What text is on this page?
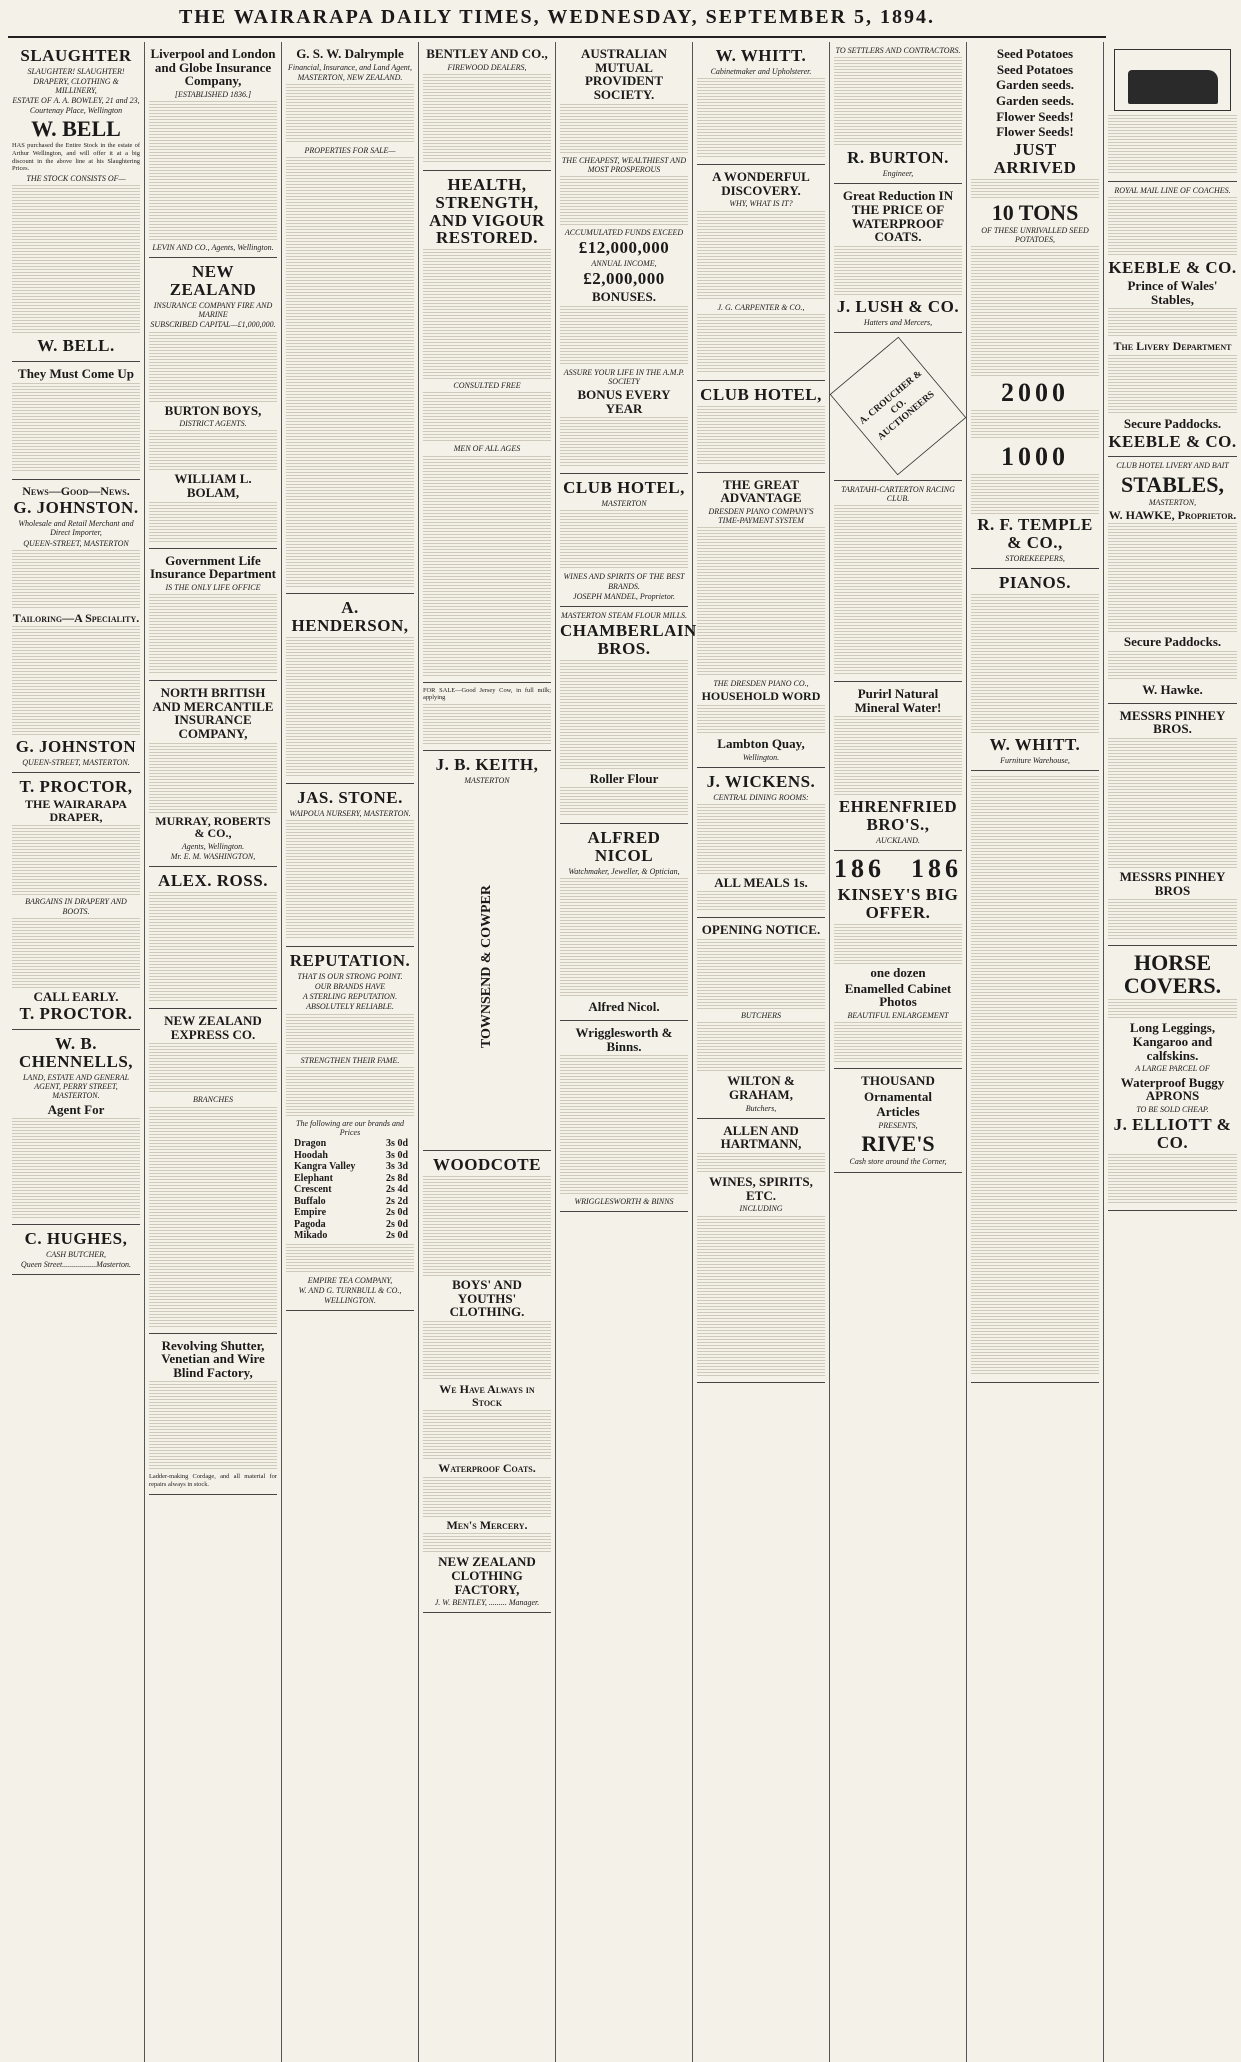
THE WAIRARAPA DAILY TIMES, WEDNESDAY, SEPTEMBER 5, 1894.
SLAUGHTER
SLAUGHTER! SLAUGHTER!
DRAPERY, CLOTHING & MILLINERY,
ESTATE OF A. A. BOWLEY, 21 and 23, Courtenay Place, Wellington
W. BELL
HAS purchased the Entire Stock in the estate of Arthur Wellington, and will offer it at a big discount in the above line at his Slaughtering Prices.
THE STOCK CONSISTS OF—
W. BELL.
They Must Come Up
News—Good—News.
G. JOHNSTON.
Wholesale and Retail Merchant and Direct Importer,
QUEEN-STREET, MASTERTON
Tailoring—A Speciality.
G. JOHNSTON
QUEEN-STREET, MASTERTON.
T. PROCTOR,
THE WAIRARAPA DRAPER,
BARGAINS IN DRAPERY AND BOOTS.
CALL EARLY.
T. PROCTOR.
W. B. CHENNELLS,
LAND, ESTATE AND GENERAL AGENT, PERRY STREET, MASTERTON.
Agent For
C. HUGHES,
CASH BUTCHER,
Queen Street.................Masterton.
Liverpool and London and Globe Insurance Company,
[ESTABLISHED 1836.]
LEVIN AND CO., Agents, Wellington.
NEW ZEALAND
INSURANCE COMPANY FIRE AND MARINE
SUBSCRIBED CAPITAL—£1,000,000.
BURTON BOYS,
DISTRICT AGENTS.
WILLIAM L. BOLAM,
Government Life Insurance Department
IS THE ONLY LIFE OFFICE
NORTH BRITISH AND MERCANTILE INSURANCE COMPANY,
MURRAY, ROBERTS & CO.,
Agents, Wellington.
Mr. E. M. WASHINGTON,
ALEX. ROSS.
NEW ZEALAND EXPRESS CO.
BRANCHES
Revolving Shutter, Venetian and Wire Blind Factory,
Ladder-making Cordage, and all material for repairs always in stock.
G. S. W. Dalrymple
Financial, Insurance, and Land Agent,
MASTERTON, NEW ZEALAND.
PROPERTIES FOR SALE—
A. HENDERSON,
JAS. STONE.
WAIPOUA NURSERY, MASTERTON.
REPUTATION.
THAT IS OUR STRONG POINT.
OUR BRANDS HAVE
A STERLING REPUTATION.
ABSOLUTELY RELIABLE.
STRENGTHEN THEIR FAME.
The following are our brands and Prices
Dragon	3s 0d
Hoodah	3s 0d
Kangra Valley	3s 3d
Elephant	2s 8d
Crescent	2s 4d
Buffalo	2s 2d
Empire	2s 0d
Pagoda	2s 0d
Mikado	2s 0d
EMPIRE TEA COMPANY,
W. AND G. TURNBULL & CO.,
WELLINGTON.
BENTLEY AND CO.,
FIREWOOD DEALERS,
HEALTH, STRENGTH, AND VIGOUR RESTORED.
CONSULTED FREE
MEN OF ALL AGES
FOR SALE—Good Jersey Cow, in full milk; applying
J. B. KEITH,
MASTERTON
TOWNSEND & COWPER
WOODCOTE
BOYS' AND YOUTHS' CLOTHING.
We Have Always in Stock
Waterproof Coats.
Men's Mercery.
NEW ZEALAND CLOTHING FACTORY,
J. W. BENTLEY, ......... Manager.
AUSTRALIAN MUTUAL PROVIDENT SOCIETY.
THE CHEAPEST, WEALTHIEST AND MOST PROSPEROUS
ACCUMULATED FUNDS EXCEED
£12,000,000
ANNUAL INCOME,
£2,000,000
BONUSES.
ASSURE YOUR LIFE IN THE A.M.P. SOCIETY
BONUS EVERY YEAR
CLUB HOTEL,
MASTERTON
WINES AND SPIRITS OF THE BEST BRANDS.
JOSEPH MANDEL, Proprietor.
MASTERTON STEAM FLOUR MILLS.
CHAMBERLAIN BROS.
Roller Flour
ALFRED NICOL
Watchmaker, Jeweller, & Optician,
Alfred Nicol.
Wrigglesworth & Binns.
WRIGGLESWORTH & BINNS
W. WHITT.
Cabinetmaker and Upholsterer.
A WONDERFUL DISCOVERY.
WHY, WHAT IS IT?
J. G. CARPENTER & CO.,
CLUB HOTEL,
THE GREAT ADVANTAGE
DRESDEN PIANO COMPANY'S TIME-PAYMENT SYSTEM
THE DRESDEN PIANO CO.,
HOUSEHOLD WORD
Lambton Quay,
Wellington.
J. WICKENS.
CENTRAL DINING ROOMS:
ALL MEALS 1s.
OPENING NOTICE.
BUTCHERS
WILTON & GRAHAM,
Butchers,
ALLEN AND HARTMANN,
WINES, SPIRITS, ETC.
INCLUDING
TO SETTLERS AND CONTRACTORS.
R. BURTON.
Engineer,
Great Reduction IN THE PRICE OF WATERPROOF COATS.
J. LUSH & CO.
Hatters and Mercers,
A. CROUCHER & CO. AUCTIONEERS
TARATAHI-CARTERTON RACING CLUB.
Purirl Natural Mineral Water!
EHRENFRIED BRO'S.,
AUCKLAND.
186 186
KINSEY'S BIG OFFER.
one dozen
Enamelled Cabinet Photos
BEAUTIFUL ENLARGEMENT
THOUSAND
Ornamental
Articles
PRESENTS,
RIVE'S
Cash store around the Corner,
Seed Potatoes
Seed Potatoes
Garden seeds.
Garden seeds.
Flower Seeds!
Flower Seeds!
JUST ARRIVED
10 TONS
OF THESE UNRIVALLED SEED POTATOES,
2000
1000
R. F. TEMPLE & CO.,
STOREKEEPERS,
PIANOS.
W. WHITT.
Furniture Warehouse,
ROYAL MAIL LINE OF COACHES.
KEEBLE & CO.
Prince of Wales' Stables,
The Livery Department
Secure Paddocks.
KEEBLE & CO.
CLUB HOTEL LIVERY AND BAIT
STABLES,
MASTERTON,
W. HAWKE, Proprietor.
Secure Paddocks.
W. Hawke.
MESSRS PINHEY BROS.
MESSRS PINHEY BROS
HORSE COVERS.
Long Leggings, Kangaroo and calfskins.
A LARGE PARCEL OF
Waterproof Buggy APRONS
TO BE SOLD CHEAP.
J. ELLIOTT & CO.
